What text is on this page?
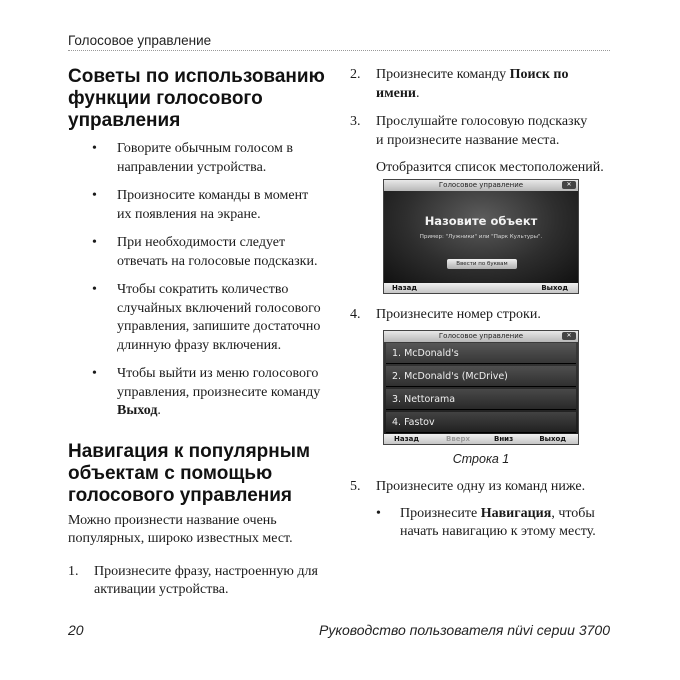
Голосовое управление
Советы по использованию
функции голосового
управления
• Говорите обычным голосом в
направлении устройства.
• Произносите команды в момент
их появления на экране.
• При необходимости следует
отвечать на голосовые подсказки.
• Чтобы сократить количество
случайных включений голосового
управления, запишите достаточно
длинную фразу включения.
• Чтобы выйти из меню голосового
управления, произнесите команду
Выход.
Навигация к популярным
объектам с помощью
голосового управления

Можно произнести название очень
популярных, широко известных мест.

1. Произнесите фразу, настроенную для
активации устройства.
2. Произнесите команду Поиск по
имени.
3. Прослушайте голосовую подсказку
и произнесите название места.
Отобразится список местоположений.
4. Произнесите номер строки.
5. Произнесите одну из команд ниже.
• Произнесите Навигация, чтобы
начать навигацию к этому месту.
Голосовое управление	✕
Назовите объект
Пример: "Лужники" или "Парк Культуры".
Ввести по буквам
Назад	Выход
Голосовое управление	✕
1. McDonald's
2. McDonald's (McDrive)
3. Nettorama
4. Fastov
Назад	Вверх	Вниз	Выход
Строка 1
20	Руководство пользователя nüvi серии 3700
